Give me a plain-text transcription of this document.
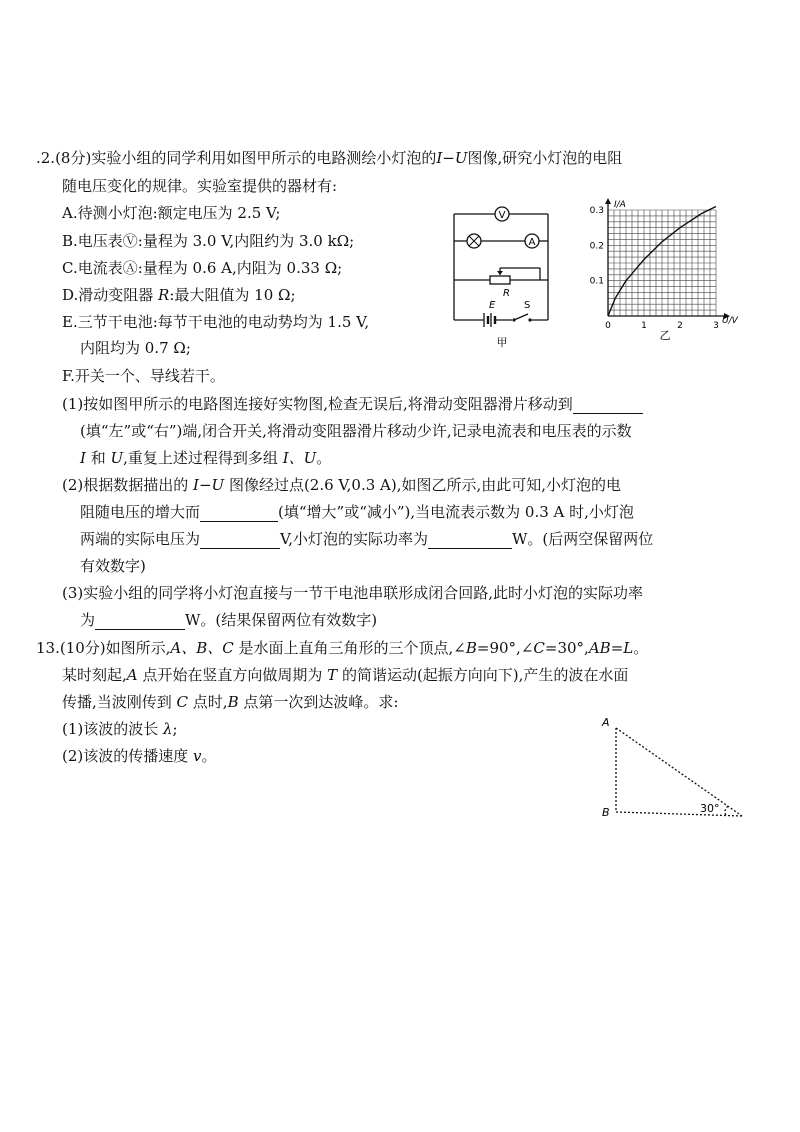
.2.(8分)实验小组的同学利用如图甲所示的电路测绘小灯泡的I−U图像,研究小灯泡的电阻
随电压变化的规律。实验室提供的器材有:
A.待测小灯泡:额定电压为 2.5 V;
B.电压表Ⓥ:量程为 3.0 V,内阻约为 3.0 kΩ;
C.电流表Ⓐ:量程为 0.6 A,内阻为 0.33 Ω;
D.滑动变阻器 R:最大阻值为 10 Ω;
E.三节干电池:每节干电池的电动势均为 1.5 V,
内阻均为 0.7 Ω;
F.开关一个、导线若干。
V
A
R
E	S
甲
0	1	2	3
0.1
0.2
0.3
I/A
U/V
乙
(1)按如图甲所示的电路图连接好实物图,检查无误后,将滑动变阻器滑片移动到
(填“左”或“右”)端,闭合开关,将滑动变阻器滑片移动少许,记录电流表和电压表的示数
I 和 U,重复上述过程得到多组 I、U。
(2)根据数据描出的 I−U 图像经过点(2.6 V,0.3 A),如图乙所示,由此可知,小灯泡的电
阻随电压的增大而	(填“增大”或“减小”),当电流表示数为 0.3 A 时,小灯泡
两端的实际电压为	V,小灯泡的实际功率为	W。(后两空保留两位
有效数字)
(3)实验小组的同学将小灯泡直接与一节干电池串联形成闭合回路,此时小灯泡的实际功率
为	W。(结果保留两位有效数字)
13.(10分)如图所示,A、B、C 是水面上直角三角形的三个顶点,∠B=90°,∠C=30°,AB=L。
某时刻起,A 点开始在竖直方向做周期为 T 的简谐运动(起振方向向下),产生的波在水面
传播,当波刚传到 C 点时,B 点第一次到达波峰。求:
(1)该波的波长 λ;
(2)该波的传播速度 v。
A
B	30°
